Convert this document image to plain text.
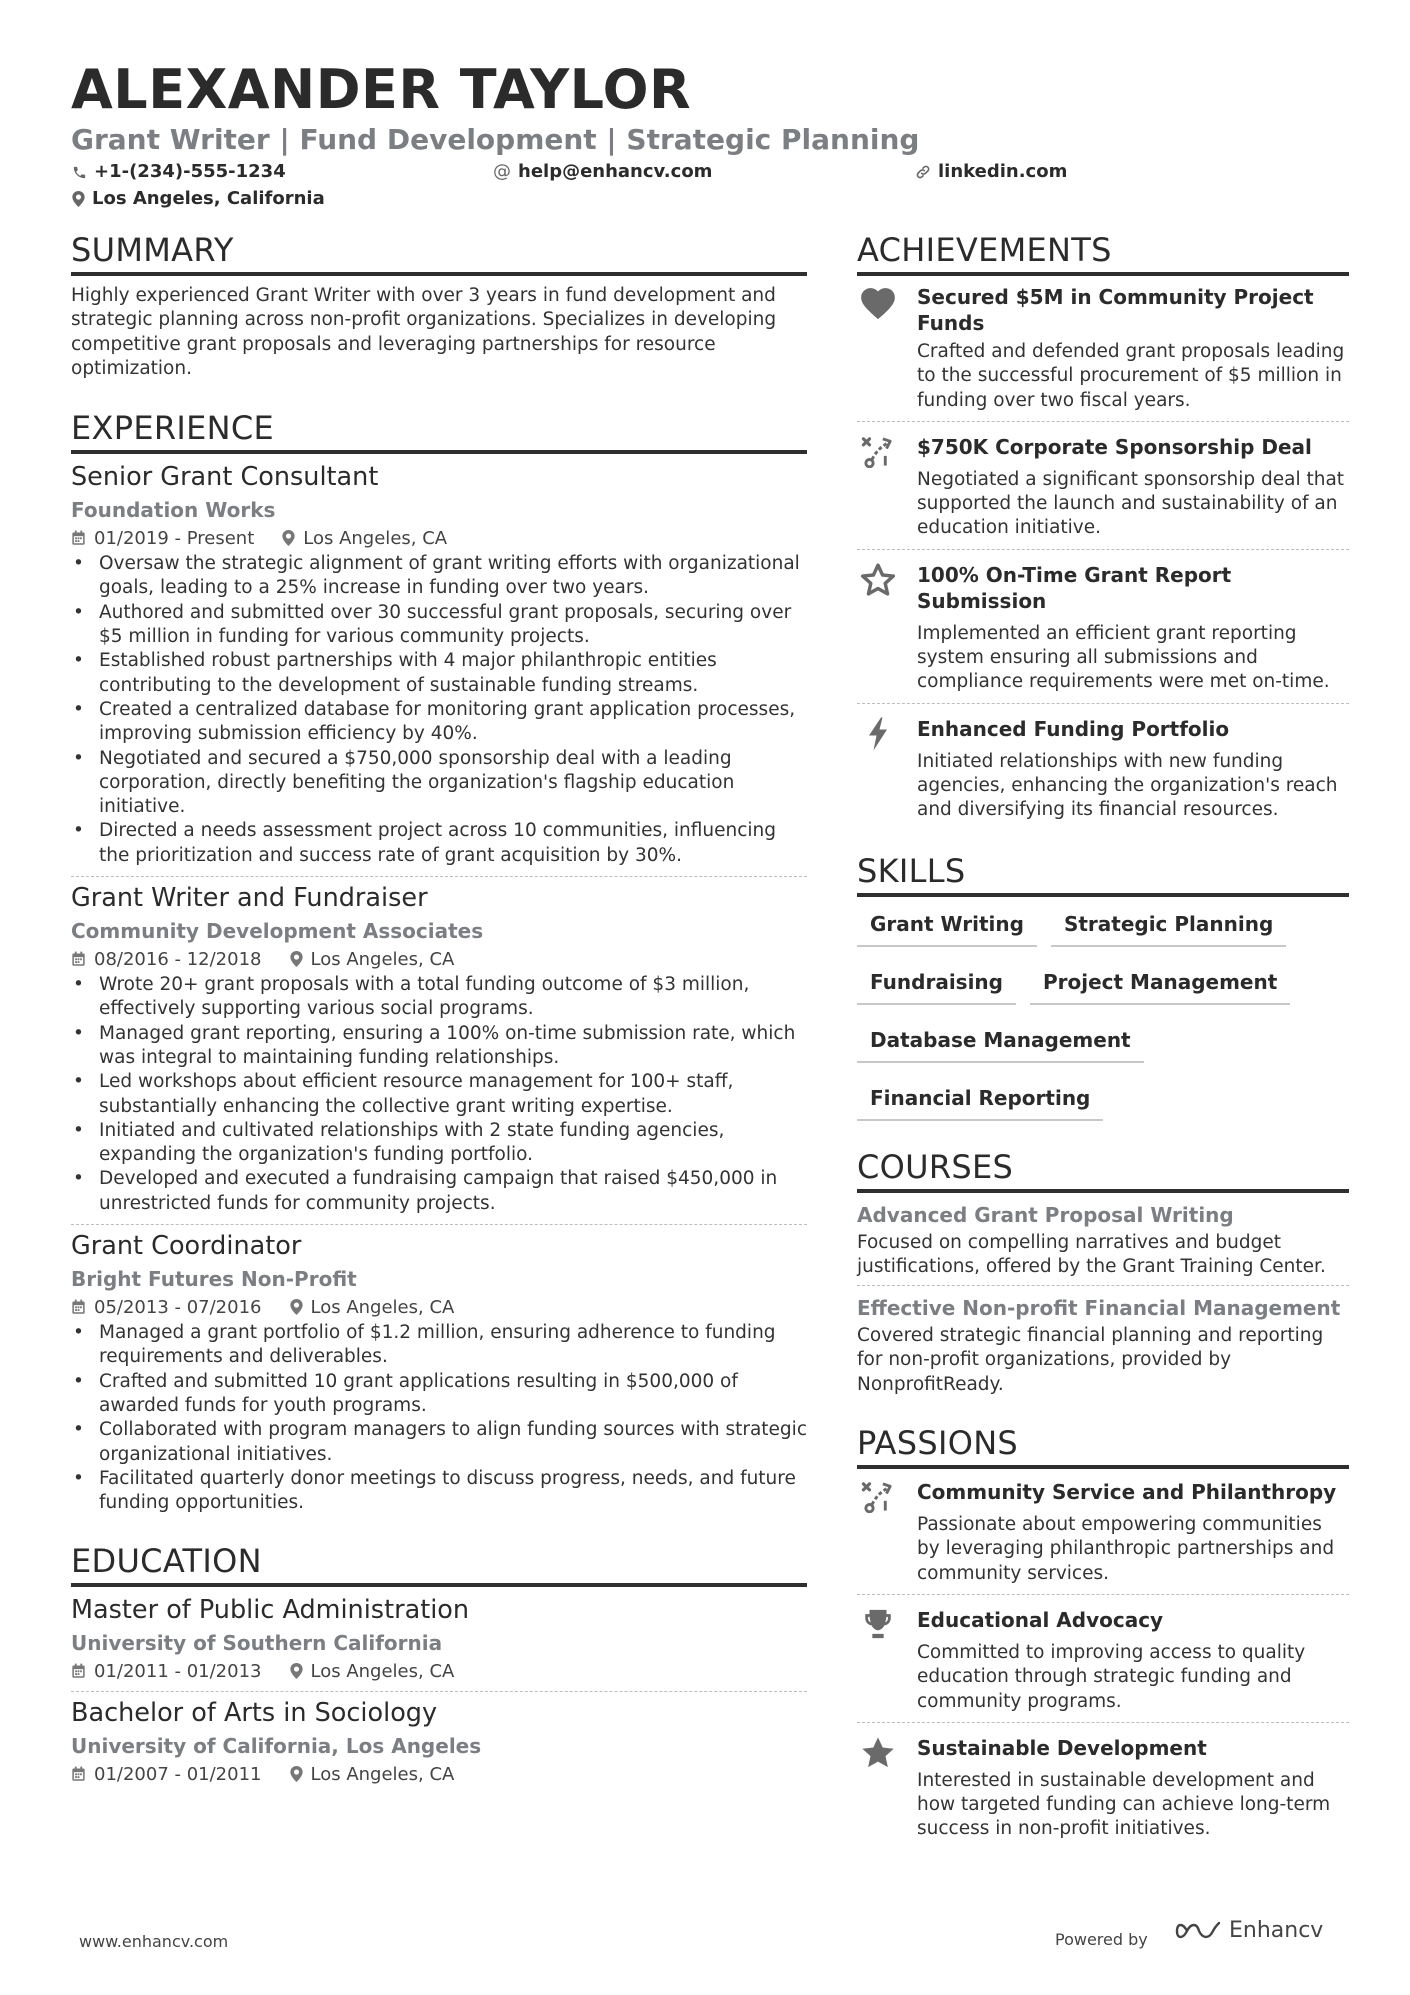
ALEXANDER TAYLOR

Grant Writer | Fund Development | Strategic Planning

+1-(234)-555-1234	@ help@enhancv.com	linkedin.com
Los Angeles, California
SUMMARY

Highly experienced Grant Writer with over 3 years in fund development and strategic planning across non-profit organizations. Specializes in developing competitive grant proposals and leveraging partnerships for resource optimization.

EXPERIENCE

Senior Grant Consultant

Foundation Works

01/2019 - Present	Los Angeles, CA
• Oversaw the strategic alignment of grant writing efforts with organizational goals, leading to a 25% increase in funding over two years.
• Authored and submitted over 30 successful grant proposals, securing over $5 million in funding for various community projects.
• Established robust partnerships with 4 major philanthropic entities contributing to the development of sustainable funding streams.
• Created a centralized database for monitoring grant application processes, improving submission efficiency by 40%.
• Negotiated and secured a $750,000 sponsorship deal with a leading corporation, directly benefiting the organization's flagship education initiative.
• Directed a needs assessment project across 10 communities, influencing the prioritization and success rate of grant acquisition by 30%.

Grant Writer and Fundraiser

Community Development Associates

08/2016 - 12/2018	Los Angeles, CA
• Wrote 20+ grant proposals with a total funding outcome of $3 million, effectively supporting various social programs.
• Managed grant reporting, ensuring a 100% on-time submission rate, which was integral to maintaining funding relationships.
• Led workshops about efficient resource management for 100+ staff, substantially enhancing the collective grant writing expertise.
• Initiated and cultivated relationships with 2 state funding agencies, expanding the organization's funding portfolio.
• Developed and executed a fundraising campaign that raised $450,000 in unrestricted funds for community projects.

Grant Coordinator

Bright Futures Non-Profit

05/2013 - 07/2016	Los Angeles, CA
• Managed a grant portfolio of $1.2 million, ensuring adherence to funding requirements and deliverables.
• Crafted and submitted 10 grant applications resulting in $500,000 of awarded funds for youth programs.
• Collaborated with program managers to align funding sources with strategic organizational initiatives.
• Facilitated quarterly donor meetings to discuss progress, needs, and future funding opportunities.
EDUCATION

Master of Public Administration

University of Southern California

01/2011 - 01/2013	Los Angeles, CA

Bachelor of Arts in Sociology

University of California, Los Angeles

01/2007 - 01/2011	Los Angeles, CA
ACHIEVEMENTS

Secured $5M in Community Project Funds

Crafted and defended grant proposals leading to the successful procurement of $5 million in funding over two fiscal years.

$750K Corporate Sponsorship Deal

Negotiated a significant sponsorship deal that supported the launch and sustainability of an education initiative.

100% On-Time Grant Report Submission

Implemented an efficient grant reporting system ensuring all submissions and compliance requirements were met on-time.

Enhanced Funding Portfolio

Initiated relationships with new funding agencies, enhancing the organization's reach and diversifying its financial resources.

SKILLS
Grant Writing	Strategic Planning
Fundraising	Project Management
Database Management
Financial Reporting
COURSES

Advanced Grant Proposal Writing

Focused on compelling narratives and budget justifications, offered by the Grant Training Center.

Effective Non-profit Financial Management

Covered strategic financial planning and reporting for non-profit organizations, provided by NonprofitReady.

PASSIONS

Community Service and Philanthropy

Passionate about empowering communities by leveraging philanthropic partnerships and community services.

Educational Advocacy

Committed to improving access to quality education through strategic funding and community programs.

Sustainable Development

Interested in sustainable development and how targeted funding can achieve long-term success in non-profit initiatives.

www.enhancv.com	Powered by	Enhancv
